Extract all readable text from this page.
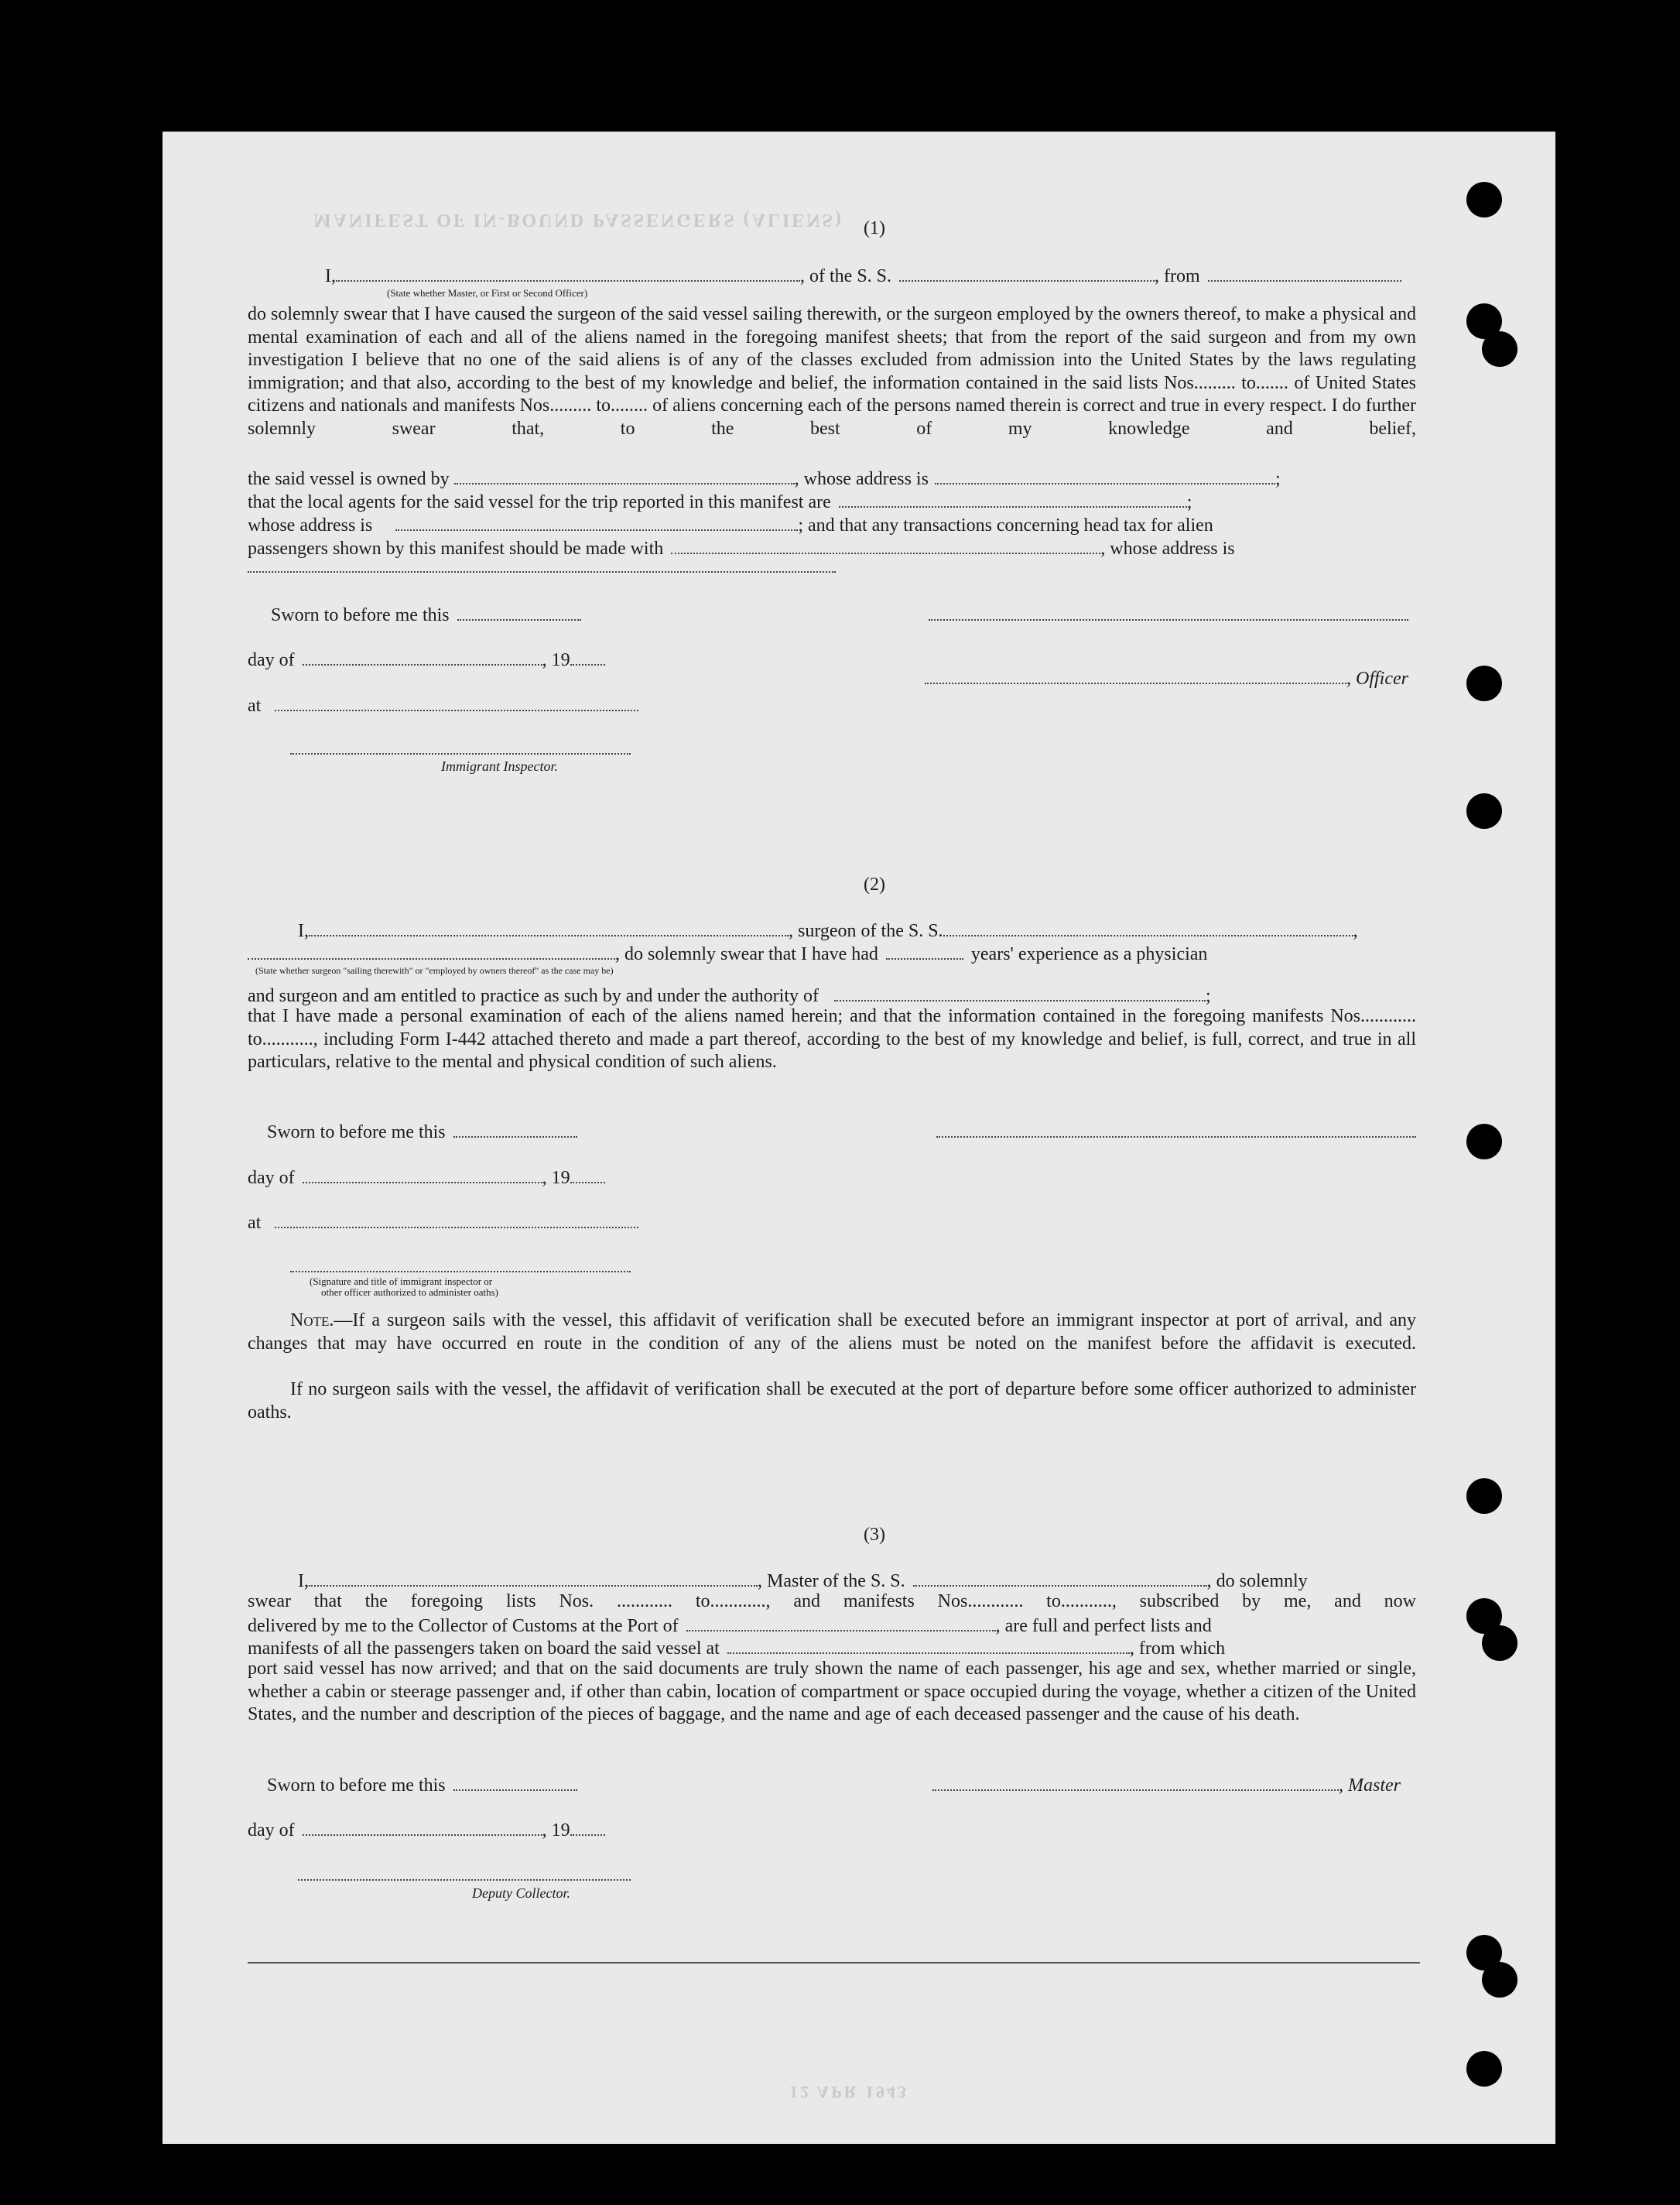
MANIFEST OF IN-BOUND PASSENGERS (ALIENS)
12 APR 1943
(1)
I,	, of the S. S.	, from
(State whether Master, or First or Second Officer)
do solemnly swear that I have caused the surgeon of the said vessel sailing therewith, or the surgeon employed by the owners thereof, to make a physical and mental examination of each and all of the aliens named in the foregoing manifest sheets; that from the report of the said surgeon and from my own investigation I believe that no one of the said aliens is of any of the classes excluded from admission into the United States by the laws regulating immigration; and that also, according to the best of my knowledge and belief, the information contained in the said lists Nos......... to....... of United States citizens and nationals and manifests Nos......... to........ of aliens concerning each of the persons named therein is correct and true in every respect. I do further solemnly swear that, to the best of my knowledge and belief,
the said vessel is owned by	, whose address is	;
that the local agents for the said vessel for the trip reported in this manifest are	;
whose address is	; and that any transactions concerning head tax for alien
passengers shown by this manifest should be made with	, whose address is
Sworn to before me this
day of	, 19
, Officer
at
Immigrant Inspector.
(2)
I,	, surgeon of the S. S.	,
, do solemnly swear that I have had	years' experience as a physician
(State whether surgeon "sailing therewith" or "employed by owners thereof" as the case may be)
and surgeon and am entitled to practice as such by and under the authority of	;
that I have made a personal examination of each of the aliens named herein; and that the information contained in the foregoing manifests Nos............ to..........., including Form I-442 attached thereto and made a part thereof, according to the best of my knowledge and belief, is full, correct, and true in all particulars, relative to the mental and physical condition of such aliens.
Sworn to before me this
day of	, 19
at
(Signature and title of immigrant inspector or
other officer authorized to administer oaths)
Note.—If a surgeon sails with the vessel, this affidavit of verification shall be executed before an immigrant inspector at port of arrival, and any changes that may have occurred en route in the condition of any of the aliens must be noted on the manifest before the affidavit is executed.
If no surgeon sails with the vessel, the affidavit of verification shall be executed at the port of departure before some officer authorized to administer oaths.
(3)
I,	, Master of the S. S.	, do solemnly
swear that the foregoing lists Nos. ............ to............, and manifests Nos............ to..........., subscribed by me, and now
delivered by me to the Collector of Customs at the Port of	, are full and perfect lists and
manifests of all the passengers taken on board the said vessel at	, from which
port said vessel has now arrived; and that on the said documents are truly shown the name of each passenger, his age and sex, whether married or single, whether a cabin or steerage passenger and, if other than cabin, location of compartment or space occupied during the voyage, whether a citizen of the United States, and the number and description of the pieces of baggage, and the name and age of each deceased passenger and the cause of his death.
Sworn to before me this	, Master
day of	, 19
Deputy Collector.
